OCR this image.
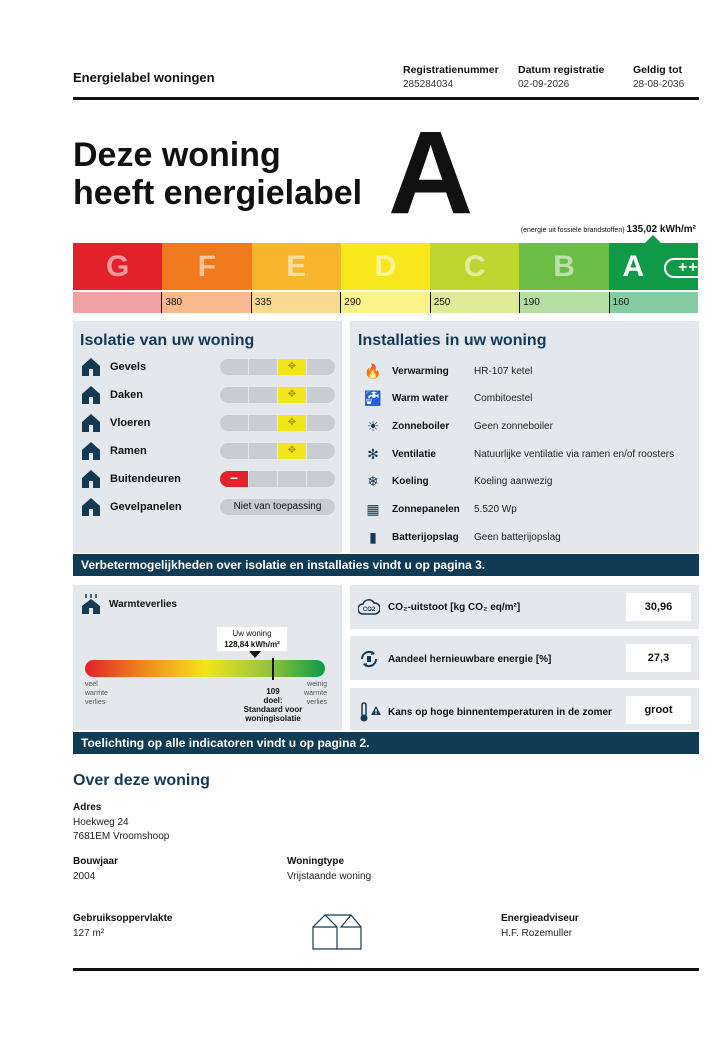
Energielabel woningen	Registratienummer
285284034
Datum registratie
02-09-2026
Geldig tot
28-08-2036
Deze woning
heeft energielabel A	(energie uit fossiele brandstoffen) 135,02 kWh/m²
G F E D C B A	++++
380	335	290	250	190	160
Isolatie van uw woning
Gevels	✥
Daken	✥
Vloeren	✥
Ramen	✥
Buitendeuren	−
Gevelpanelen	Niet van toepassing
Installaties in uw woning
🔥 Verwarming	HR-107 ketel
🚰 Warm water	Combitoestel
☀ Zonneboiler	Geen zonneboiler
✻	Ventilatie	Natuurlijke ventilatie via ramen en/of roosters
❄	Koeling	Koeling aanwezig
▦ Zonnepanelen	5.520 Wp
▮	Batterijopslag	Geen batterijopslag
Verbetermogelijkheden over isolatie en installaties vindt u op pagina 3.
Warmteverlies
Uw woning
128,84 kWh/m²
veel
warmte
verlies
weinig
warmte
verlies
109
doel:
Standaard voor
woningisolatie
CO2 CO₂-uitstoot [kg CO₂ eq/m²]	30,96
Aandeel hernieuwbare energie [%]	27,3
Kans op hoge binnentemperaturen in de zomer	groot
Toelichting op alle indicatoren vindt u op pagina 2.
Over deze woning
Adres
Hoekweg 24
7681EM Vroomshoop
Bouwjaar
2004
Woningtype
Vrijstaande woning
Gebruiksoppervlakte
127 m²
Energieadviseur
H.F. Rozemuller
